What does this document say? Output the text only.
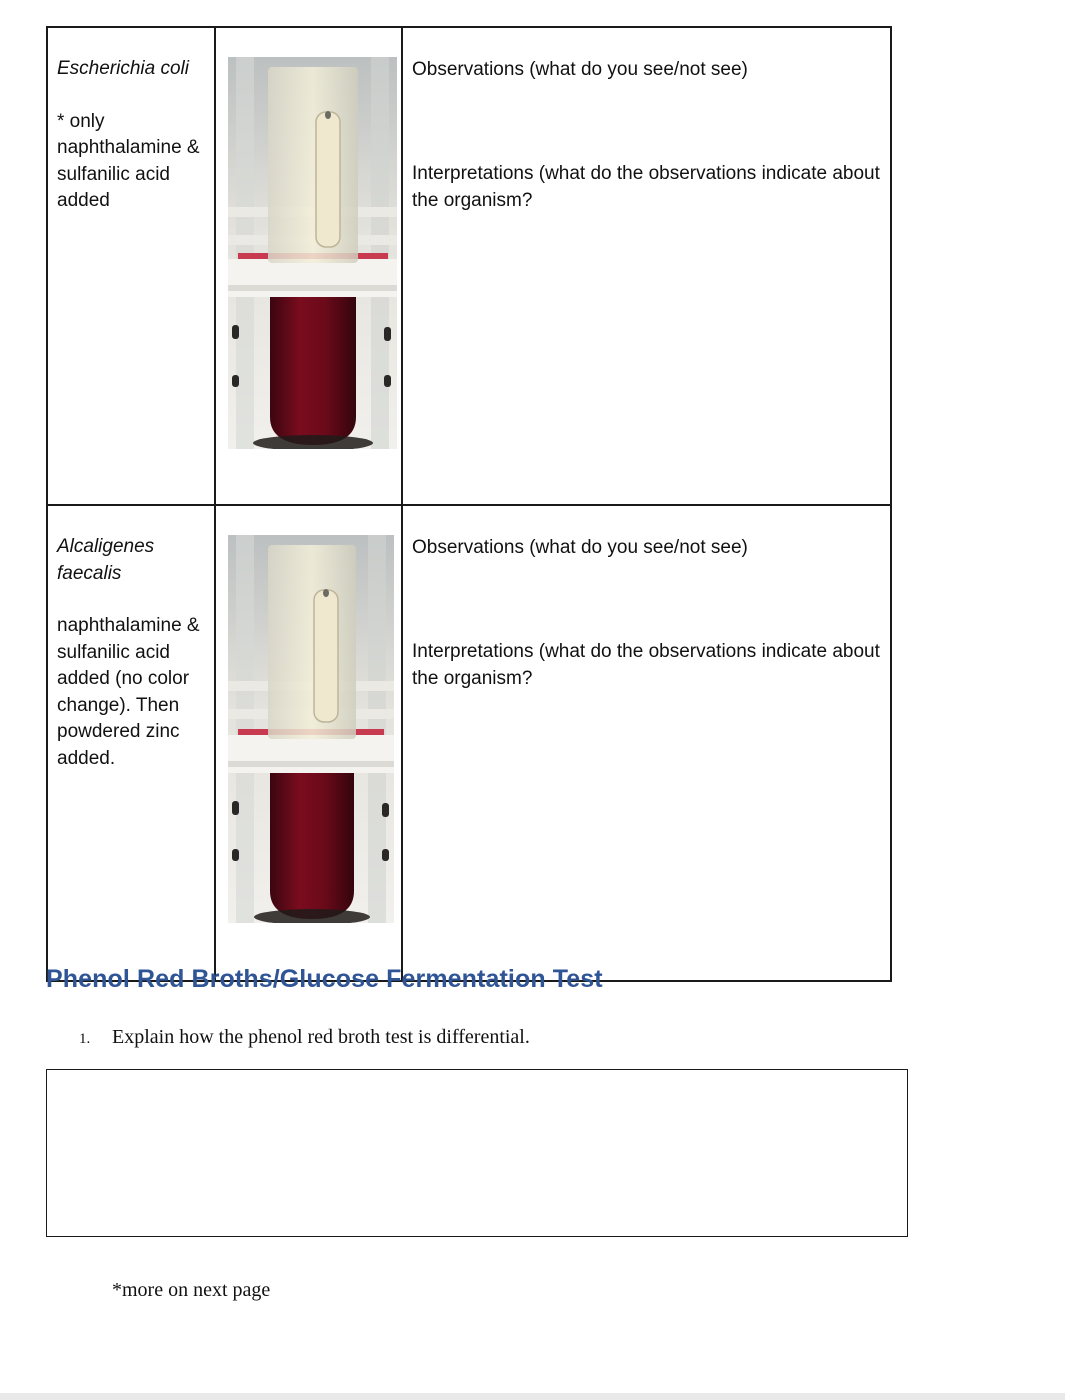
Escherichia coli
* only naphthalamine & sulfanilic acid added		Observations (what do you see/not see)
Interpretations (what do the observations indicate about the organism?

Alcaligenes faecalis
naphthalamine & sulfanilic acid added (no color change). Then powdered zinc added.		Observations (what do you see/not see)
Interpretations (what do the observations indicate about the organism?
Phenol Red Broths/Glucose Fermentation Test
1. Explain how the phenol red broth test is differential.
*more on next page
